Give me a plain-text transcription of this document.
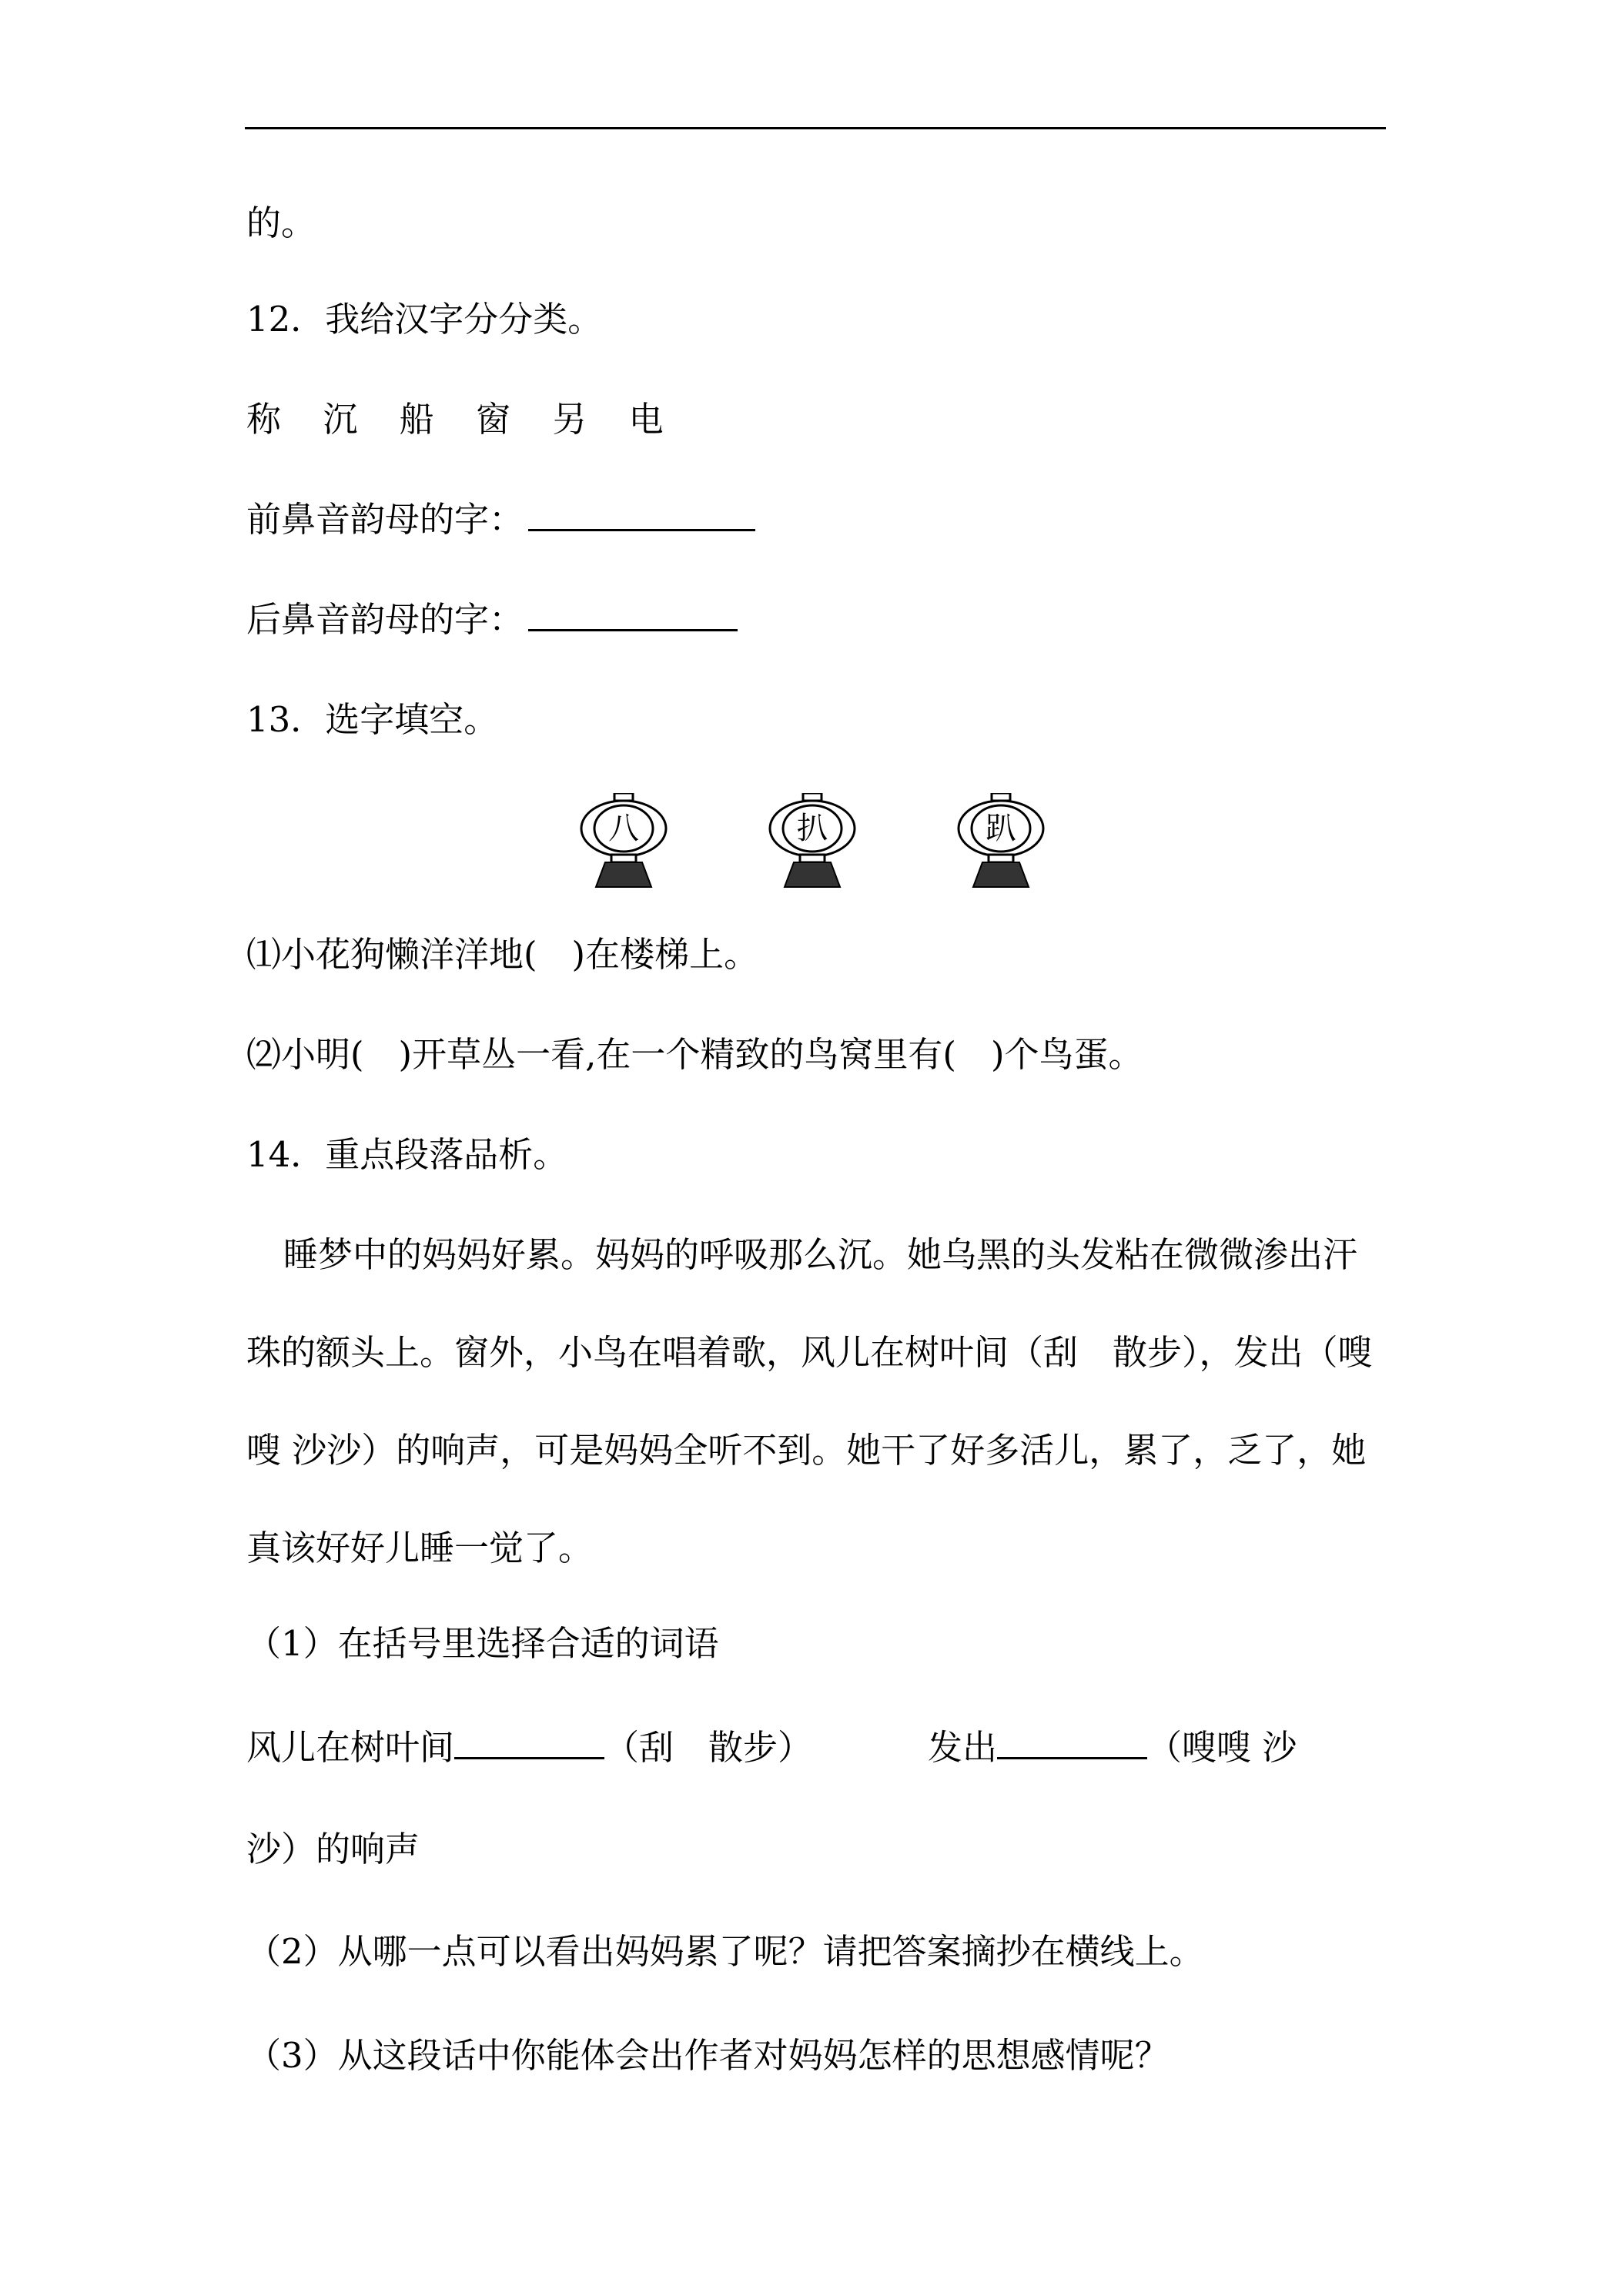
的。
12．我给汉字分分类。
称 沉 船 窗 另 电
前鼻音韵母的字：
后鼻音韵母的字：
13．选字填空。
八	扒	趴
⑴小花狗懒洋洋地(　)在楼梯上。
⑵小明(　)开草丛一看,在一个精致的鸟窝里有(　)个鸟蛋。
14．重点段落品析。
睡梦中的妈妈好累。妈妈的呼吸那么沉。她乌黑的头发粘在微微渗出汗珠的额头上。窗外，小鸟在唱着歌，风儿在树叶间（刮　散步），发出（嗖嗖 沙沙）的响声，可是妈妈全听不到。她干了好多活儿，累了，乏了，她真该好好儿睡一觉了。
（1）在括号里选择合适的词语
风儿在树叶间	（刮　散步）	发出	（嗖嗖 沙
沙）的响声
（2）从哪一点可以看出妈妈累了呢？请把答案摘抄在横线上。
（3）从这段话中你能体会出作者对妈妈怎样的思想感情呢？
